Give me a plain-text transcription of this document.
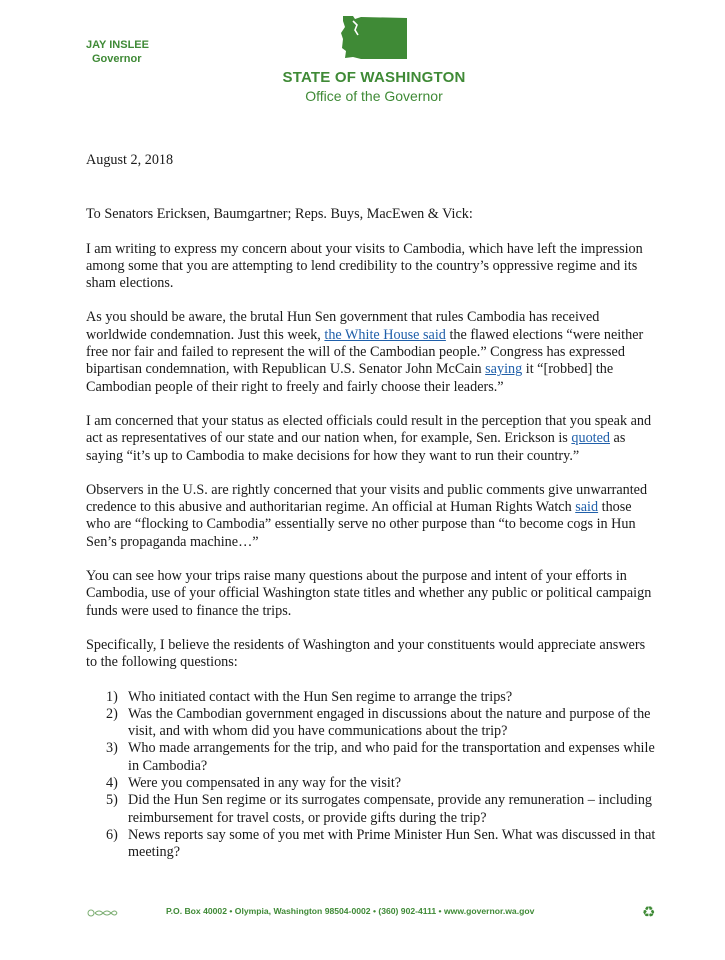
JAY INSLEE
Governor
STATE OF WASHINGTON
Office of the Governor

August 2, 2018

To Senators Ericksen, Baumgartner; Reps. Buys, MacEwen & Vick:

I am writing to express my concern about your visits to Cambodia, which have left the impression among some that you are attempting to lend credibility to the country’s oppressive regime and its sham elections.

As you should be aware, the brutal Hun Sen government that rules Cambodia has received worldwide condemnation. Just this week, the White House said the flawed elections “were neither free nor fair and failed to represent the will of the Cambodian people.” Congress has expressed bipartisan condemnation, with Republican U.S. Senator John McCain saying it “[robbed] the Cambodian people of their right to freely and fairly choose their leaders.”

I am concerned that your status as elected officials could result in the perception that you speak and act as representatives of our state and our nation when, for example, Sen. Erickson is quoted as saying “it’s up to Cambodia to make decisions for how they want to run their country.”

Observers in the U.S. are rightly concerned that your visits and public comments give unwarranted credence to this abusive and authoritarian regime. An official at Human Rights Watch said those who are “flocking to Cambodia” essentially serve no other purpose than “to become cogs in Hun Sen’s propaganda machine…”

You can see how your trips raise many questions about the purpose and intent of your efforts in Cambodia, use of your official Washington state titles and whether any public or political campaign funds were used to finance the trips.

Specifically, I believe the residents of Washington and your constituents would appreciate answers to the following questions:

1) Who initiated contact with the Hun Sen regime to arrange the trips?
2) Was the Cambodian government engaged in discussions about the nature and purpose of the visit, and with whom did you have communications about the trip?
3) Who made arrangements for the trip, and who paid for the transportation and expenses while in Cambodia?
4) Were you compensated in any way for the visit?
5) Did the Hun Sen regime or its surrogates compensate, provide any remuneration – including reimbursement for travel costs, or provide gifts during the trip?
6) News reports say some of you met with Prime Minister Hun Sen. What was discussed in that meeting?
P.O. Box 40002 • Olympia, Washington 98504-0002 • (360) 902-4111 • www.governor.wa.gov	♻
